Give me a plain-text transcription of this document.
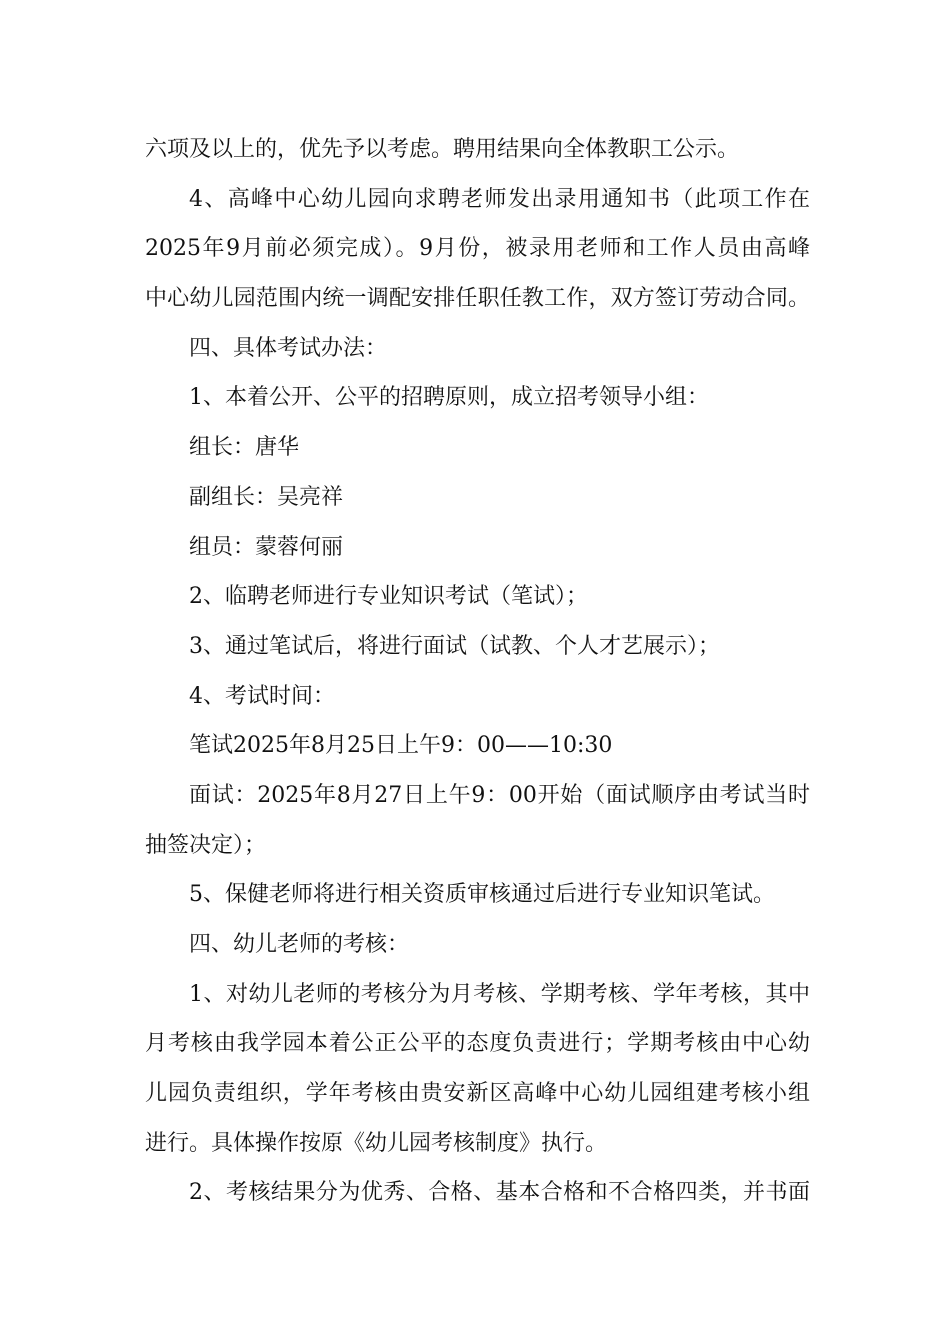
六项及以上的，优先予以考虑。聘用结果向全体教职工公示。
4、高峰中心幼儿园向求聘老师发出录用通知书（此项工作在
2025年9月前必须完成）。9月份，被录用老师和工作人员由高峰
中心幼儿园范围内统一调配安排任职任教工作，双方签订劳动合同。
四、具体考试办法：
1、本着公开、公平的招聘原则，成立招考领导小组：
组长：唐华
副组长：吴亮祥
组员：蒙蓉何丽
2、临聘老师进行专业知识考试（笔试）；
3、通过笔试后，将进行面试（试教、个人才艺展示）；
4、考试时间：
笔试2025年8月25日上午9：00——10:30
面试：2025年8月27日上午9：00开始（面试顺序由考试当时
抽签决定）；
5、保健老师将进行相关资质审核通过后进行专业知识笔试。
四、幼儿老师的考核：
1、对幼儿老师的考核分为月考核、学期考核、学年考核，其中
月考核由我学园本着公正公平的态度负责进行；学期考核由中心幼
儿园负责组织，学年考核由贵安新区高峰中心幼儿园组建考核小组
进行。具体操作按原《幼儿园考核制度》执行。
2、考核结果分为优秀、合格、基本合格和不合格四类，并书面
